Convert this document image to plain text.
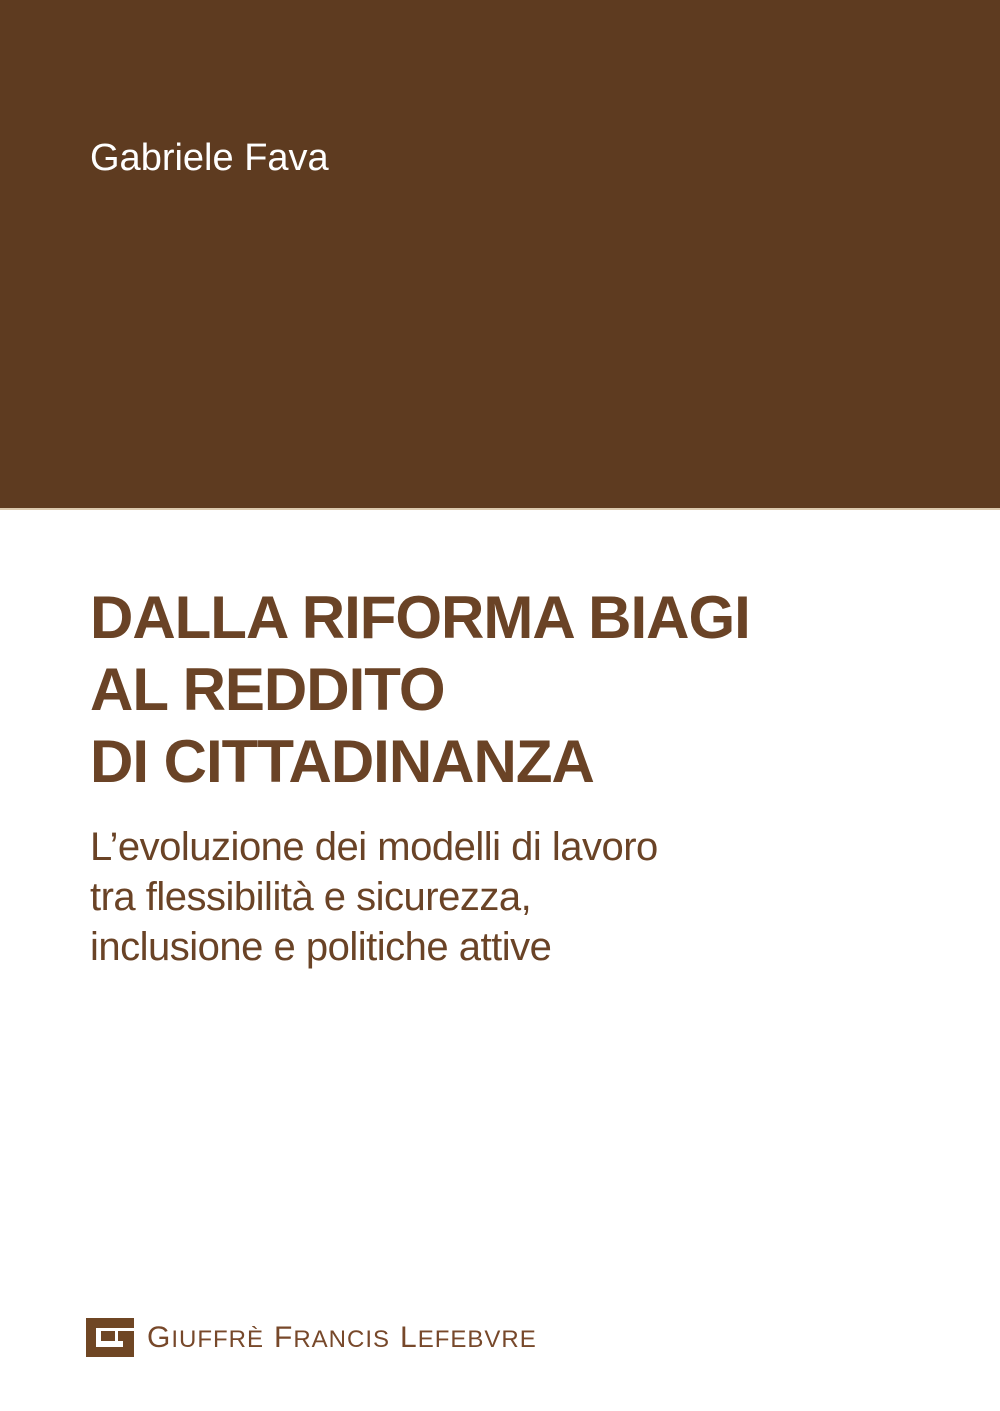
Gabriele Fava
DALLA RIFORMA BIAGI
AL REDDITO
DI CITTADINANZA

L’evoluzione dei modelli di lavoro
tra flessibilità e sicurezza,
inclusione e politiche attive

GIUFFRÈ FRANCIS LEFEBVRE
